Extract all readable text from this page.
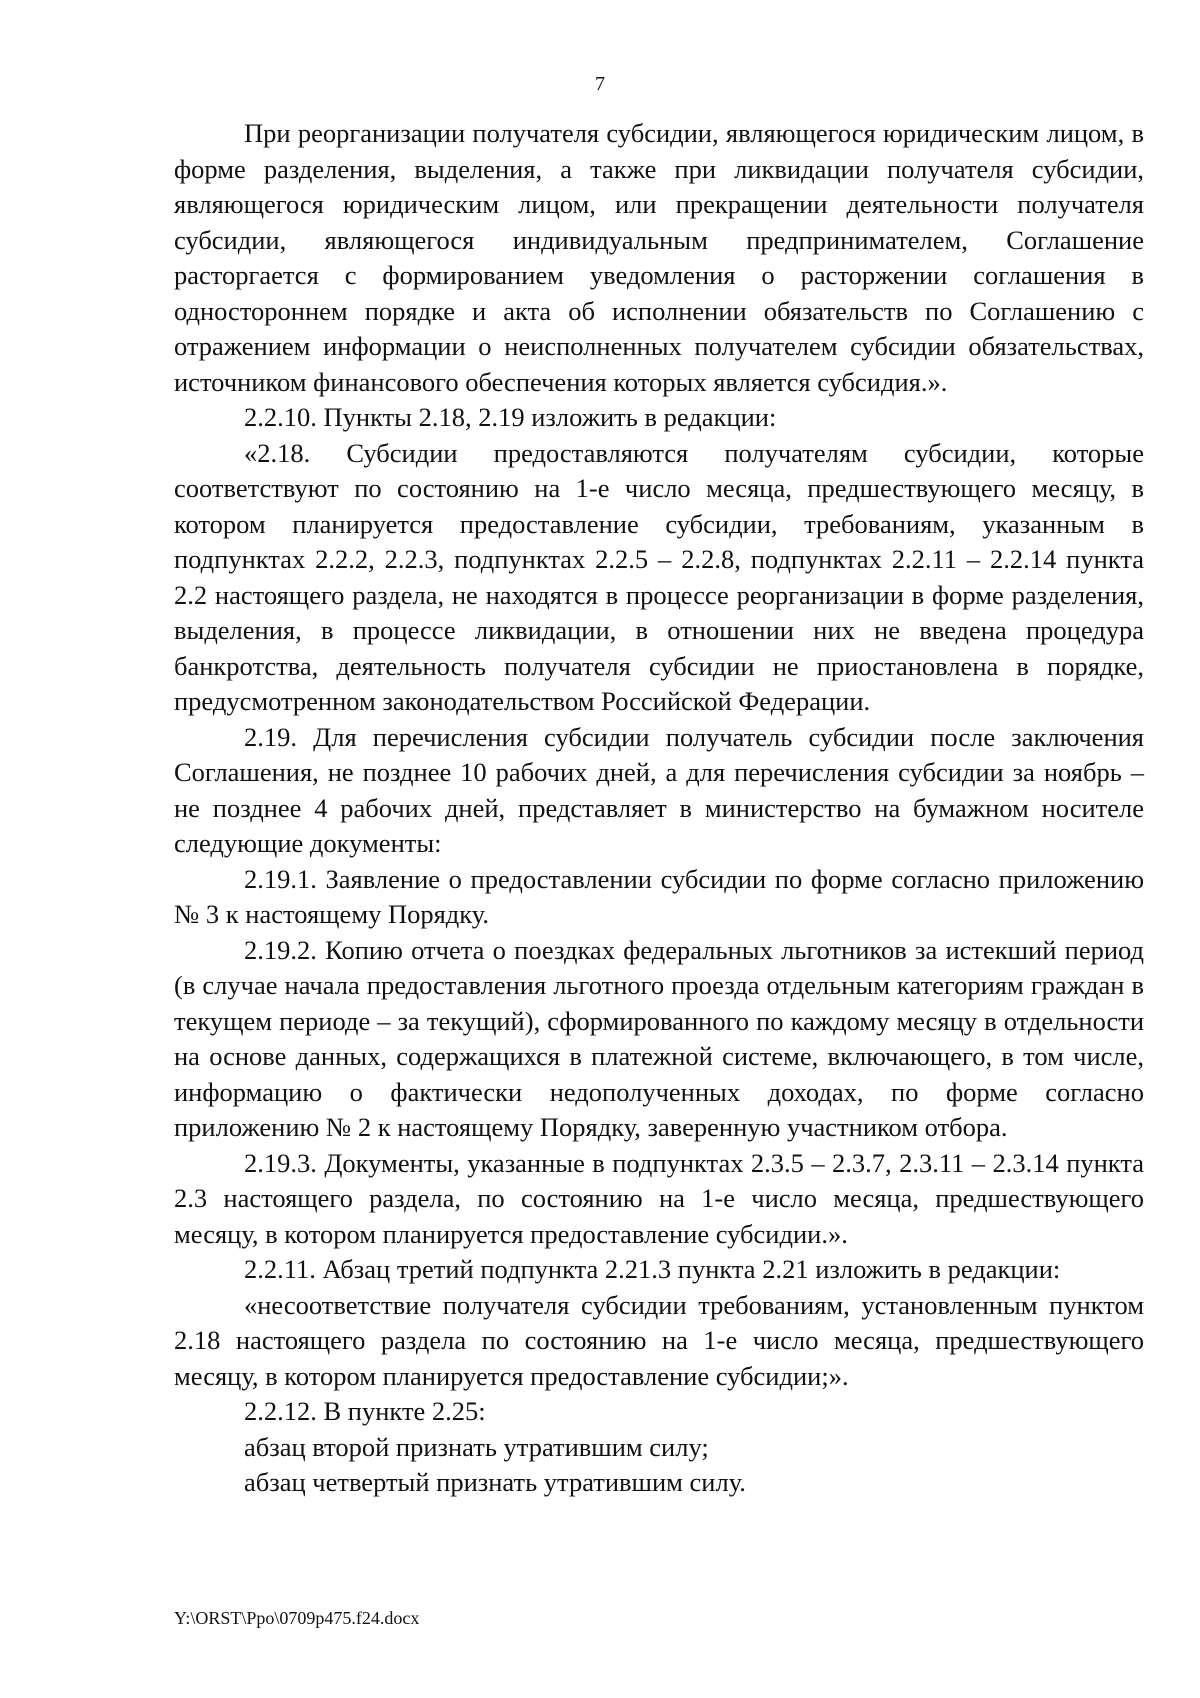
7

При реорганизации получателя субсидии, являющегося юридическим лицом, в форме разделения, выделения, а также при ликвидации получателя субсидии, являющегося юридическим лицом, или прекращении деятельности получателя субсидии, являющегося индивидуальным предпринимателем, Соглашение расторгается с формированием уведомления о расторжении соглашения в одностороннем порядке и акта об исполнении обязательств по Соглашению с отражением информации о неисполненных получателем субсидии обязательствах, источником финансового обеспечения которых является субсидия.».

2.2.10. Пункты 2.18, 2.19 изложить в редакции:

«2.18. Субсидии предоставляются получателям субсидии, которые соответствуют по состоянию на 1-е число месяца, предшествующего месяцу, в котором планируется предоставление субсидии, требованиям, указанным в подпунктах 2.2.2, 2.2.3, подпунктах 2.2.5 – 2.2.8, подпунктах 2.2.11 – 2.2.14 пункта 2.2 настоящего раздела, не находятся в процессе реорганизации в форме разделения, выделения, в процессе ликвидации, в отношении них не введена процедура банкротства, деятельность получателя субсидии не приостановлена в порядке, предусмотренном законодательством Российской Федерации.

2.19. Для перечисления субсидии получатель субсидии после заключения Соглашения, не позднее 10 рабочих дней, а для перечисления субсидии за ноябрь – не позднее 4 рабочих дней, представляет в министерство на бумажном носителе следующие документы:

2.19.1. Заявление о предоставлении субсидии по форме согласно приложению № 3 к настоящему Порядку.

2.19.2. Копию отчета о поездках федеральных льготников за истекший период (в случае начала предоставления льготного проезда отдельным категориям граждан в текущем периоде – за текущий), сформированного по каждому месяцу в отдельности на основе данных, содержащихся в платежной системе, включающего, в том числе, информацию о фактически недополученных доходах, по форме согласно приложению № 2 к настоящему Порядку, заверенную участником отбора.

2.19.3. Документы, указанные в подпунктах 2.3.5 – 2.3.7, 2.3.11 – 2.3.14 пункта 2.3 настоящего раздела, по состоянию на 1-е число месяца, предшествующего месяцу, в котором планируется предоставление субсидии.».

2.2.11. Абзац третий подпункта 2.21.3 пункта 2.21 изложить в редакции:

«несоответствие получателя субсидии требованиям, установленным пунктом 2.18 настоящего раздела по состоянию на 1-е число месяца, предшествующего месяцу, в котором планируется предоставление субсидии;».

2.2.12. В пункте 2.25:

абзац второй признать утратившим силу;

абзац четвертый признать утратившим силу.

Y:\ORST\Ppo\0709p475.f24.docx
